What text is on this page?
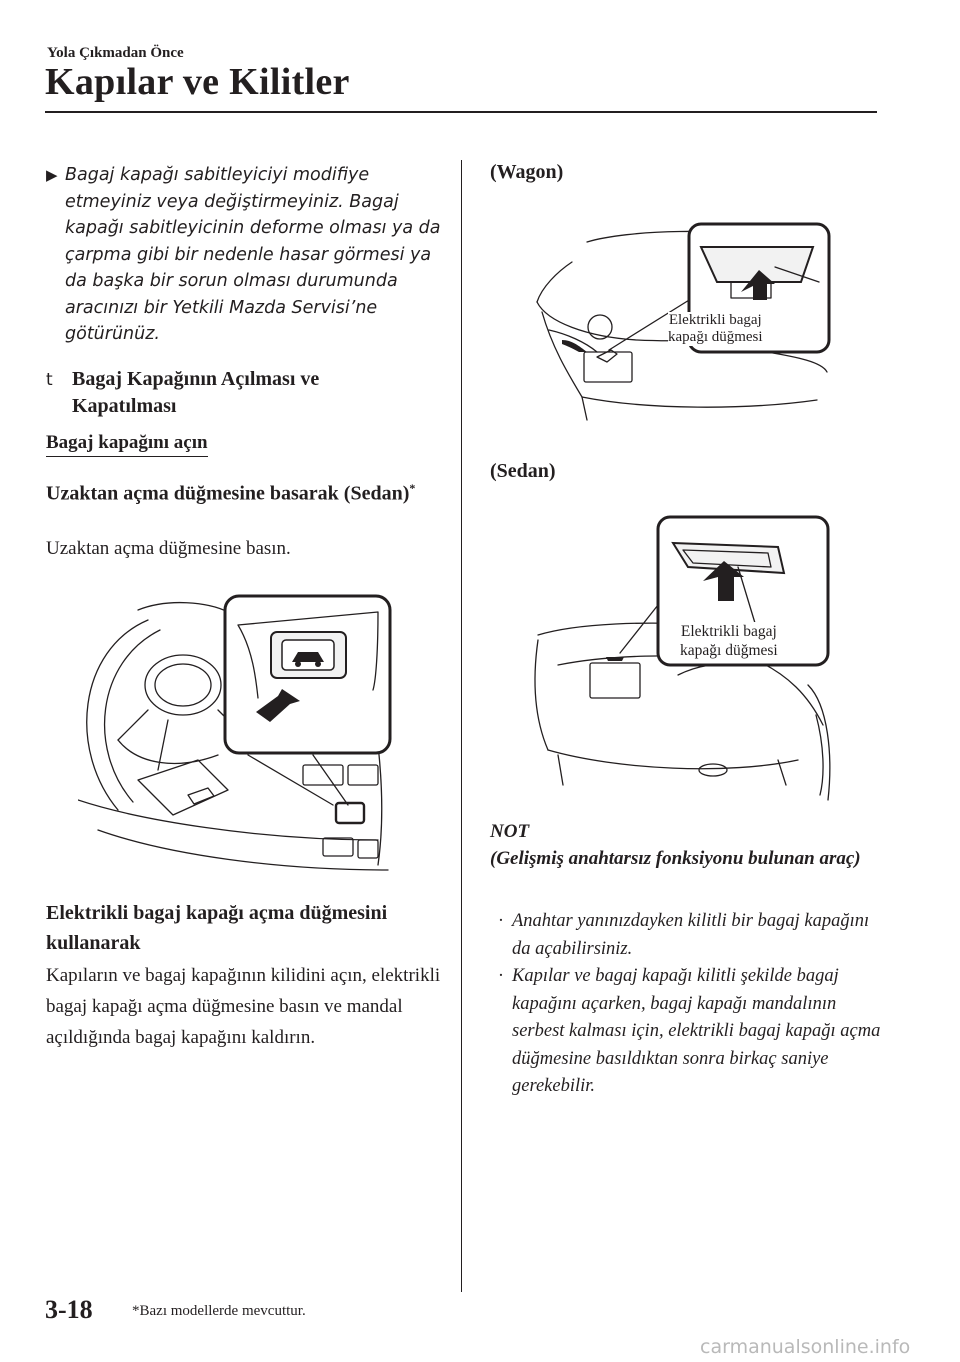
Yola Çıkmadan Önce
Kapılar ve Kilitler
▶ Bagaj kapağı sabitleyiciyi modifiye etmeyiniz veya değiştirmeyiniz. Bagaj kapağı sabitleyicinin deforme olması ya da çarpma gibi bir nedenle hasar görmesi ya da başka bir sorun olması durumunda aracınızı bir Yetkili Mazda Servisi’ne götürünüz.
t Bagaj Kapağının Açılması ve Kapatılması
Bagaj kapağını açın
Uzaktan açma düğmesine basarak (Sedan)*
Uzaktan açma düğmesine basın.
Elektrikli bagaj kapağı açma düğmesini kullanarak
Kapıların ve bagaj kapağının kilidini açın, elektrikli bagaj kapağı açma düğmesine basın ve mandal açıldığında bagaj kapağını kaldırın.
(Wagon)
Elektrikli bagaj
kapağı düğmesi
(Sedan)
Elektrikli bagaj
kapağı düğmesi
NOT
(Gelişmiş anahtarsız fonksiyonu bulunan araç)
· Anahtar yanınızdayken kilitli bir bagaj kapağını da açabilirsiniz.
· Kapılar ve bagaj kapağı kilitli şekilde bagaj kapağını açarken, bagaj kapağı mandalının serbest kalması için, elektrikli bagaj kapağı açma düğmesine basıldıktan sonra birkaç saniye gerekebilir.
3-18	*Bazı modellerde mevcuttur.
carmanualsonline.info
